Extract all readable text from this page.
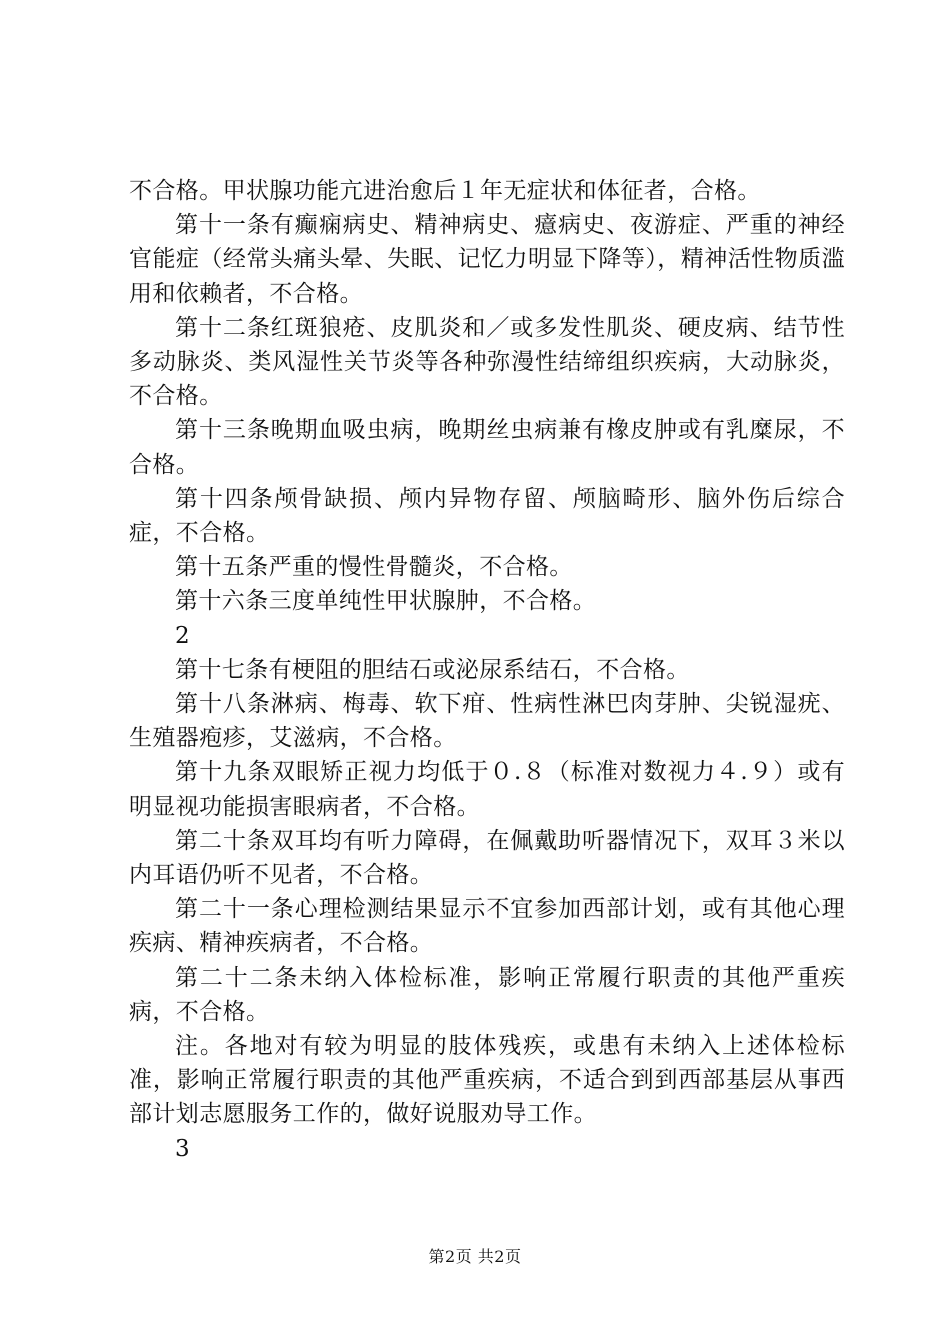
不合格。甲状腺功能亢进治愈后１年无症状和体征者，合格。

第十一条有癫痫病史、精神病史、癔病史、夜游症、严重的神经官能症（经常头痛头晕、失眠、记忆力明显下降等），精神活性物质滥用和依赖者，不合格。

第十二条红斑狼疮、皮肌炎和／或多发性肌炎、硬皮病、结节性多动脉炎、类风湿性关节炎等各种弥漫性结缔组织疾病，大动脉炎，不合格。

第十三条晚期血吸虫病，晚期丝虫病兼有橡皮肿或有乳糜尿，不合格。

第十四条颅骨缺损、颅内异物存留、颅脑畸形、脑外伤后综合症，不合格。

第十五条严重的慢性骨髓炎，不合格。

第十六条三度单纯性甲状腺肿，不合格。

2

第十七条有梗阻的胆结石或泌尿系结石，不合格。

第十八条淋病、梅毒、软下疳、性病性淋巴肉芽肿、尖锐湿疣、生殖器疱疹，艾滋病，不合格。

第十九条双眼矫正视力均低于０.８（标准对数视力４.９）或有明显视功能损害眼病者，不合格。

第二十条双耳均有听力障碍，在佩戴助听器情况下，双耳３米以内耳语仍听不见者，不合格。

第二十一条心理检测结果显示不宜参加西部计划，或有其他心理疾病、精神疾病者，不合格。

第二十二条未纳入体检标准，影响正常履行职责的其他严重疾病，不合格。

注。各地对有较为明显的肢体残疾，或患有未纳入上述体检标准，影响正常履行职责的其他严重疾病，不适合到到西部基层从事西部计划志愿服务工作的，做好说服劝导工作。

3

第2页 共2页
